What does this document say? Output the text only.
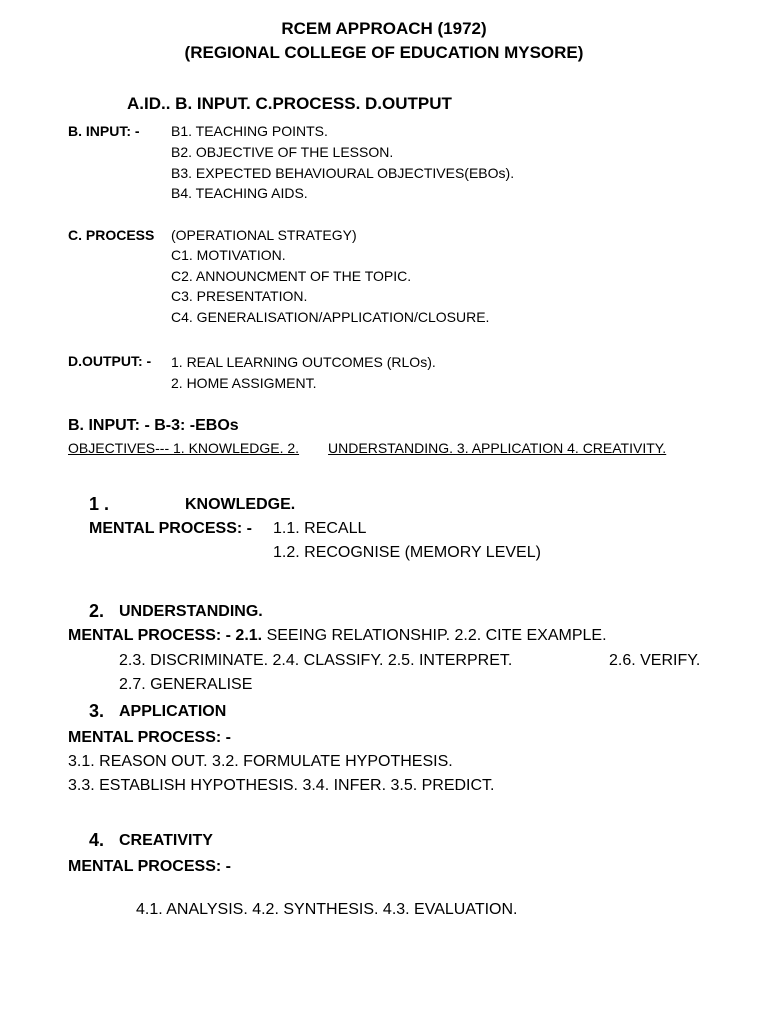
RCEM APPROACH (1972)
(REGIONAL COLLEGE OF EDUCATION MYSORE)
A.ID.. B. INPUT. C.PROCESS. D.OUTPUT
B. INPUT: - B1. TEACHING POINTS.
B2. OBJECTIVE OF THE LESSON.
B3. EXPECTED BEHAVIOURAL OBJECTIVES(EBOs).
B4. TEACHING AIDS.
C. PROCESS (OPERATIONAL STRATEGY)
C1. MOTIVATION.
C2. ANNOUNCMENT OF THE TOPIC.
C3. PRESENTATION.
C4. GENERALISATION/APPLICATION/CLOSURE.
D.OUTPUT: - 1. REAL LEARNING OUTCOMES (RLOs).
2. HOME ASSIGMENT.
B. INPUT: - B-3: -EBOs
OBJECTIVES--- 1. KNOWLEDGE. 2. UNDERSTANDING. 3. APPLICATION 4. CREATIVITY.
1 .	KNOWLEDGE.
MENTAL PROCESS: - 1.1. RECALL
1.2. RECOGNISE (MEMORY LEVEL)
2. UNDERSTANDING.
MENTAL PROCESS: - 2.1. SEEING RELATIONSHIP. 2.2. CITE EXAMPLE.
2.3. DISCRIMINATE. 2.4. CLASSIFY. 2.5. INTERPRET.	2.6. VERIFY.
2.7. GENERALISE
3. APPLICATION
MENTAL PROCESS: -
3.1. REASON OUT. 3.2. FORMULATE HYPOTHESIS.
3.3. ESTABLISH HYPOTHESIS. 3.4. INFER. 3.5. PREDICT.
4. CREATIVITY
MENTAL PROCESS: -
4.1. ANALYSIS. 4.2. SYNTHESIS. 4.3. EVALUATION.
